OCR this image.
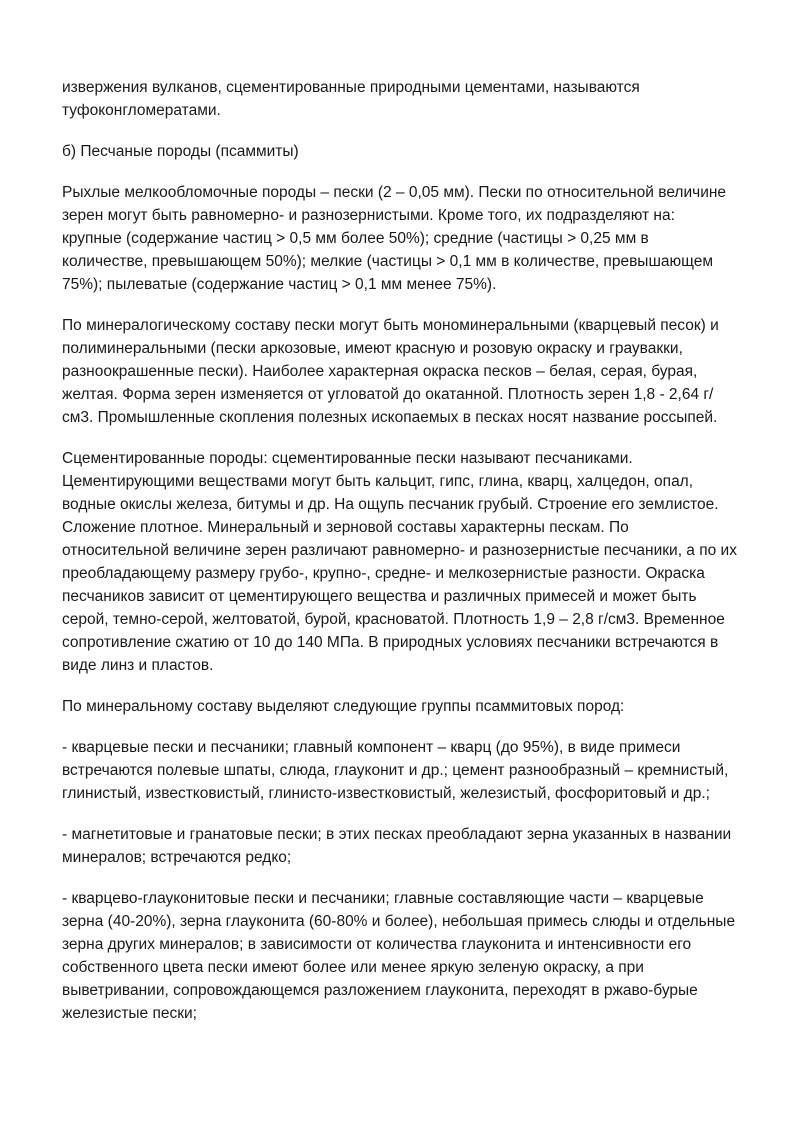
извержения вулканов, сцементированные природными цементами, называются туфоконгломератами.

б) Песчаные породы (псаммиты)

Рыхлые мелкообломочные породы – пески (2 – 0,05 мм). Пески по относительной величине зерен могут быть равномерно- и разнозернистыми. Кроме того, их подразделяют на: крупные (содержание частиц > 0,5 мм более 50%); средние (частицы > 0,25 мм в количестве, превышающем 50%); мелкие (частицы > 0,1 мм в количестве, превышающем 75%); пылеватые (содержание частиц > 0,1 мм менее 75%).

По минералогическому составу пески могут быть мономинеральными (кварцевый песок) и полиминеральными (пески аркозовые, имеют красную и розовую окраску и граувакки, разноокрашенные пески). Наиболее характерная окраска песков – белая, серая, бурая, желтая. Форма зерен изменяется от угловатой до окатанной. Плотность зерен 1,8 - 2,64 г/см3. Промышленные скопления полезных ископаемых в песках носят название россыпей.

Сцементированные породы: сцементированные пески называют песчаниками. Цементирующими веществами могут быть кальцит, гипс, глина, кварц, халцедон, опал, водные окислы железа, битумы и др. На ощупь песчаник грубый. Строение его землистое. Сложение плотное. Минеральный и зерновой составы характерны пескам. По относительной величине зерен различают равномерно- и разнозернистые песчаники, а по их преобладающему размеру грубо-, крупно-, средне- и мелкозернистые разности. Окраска песчаников зависит от цементирующего вещества и различных примесей и может быть серой, темно-серой, желтоватой, бурой, красноватой. Плотность 1,9 – 2,8 г/см3. Временное сопротивление сжатию от 10 до 140 МПа. В природных условиях песчаники встречаются в виде линз и пластов.

По минеральному составу выделяют следующие группы псаммитовых пород:

- кварцевые пески и песчаники; главный компонент – кварц (до 95%), в виде примеси встречаются полевые шпаты, слюда, глауконит и др.; цемент разнообразный – кремнистый, глинистый, известковистый, глинисто-известковистый, железистый, фосфоритовый и др.;

- магнетитовые и гранатовые пески; в этих песках преобладают зерна указанных в названии минералов; встречаются редко;

- кварцево-глауконитовые пески и песчаники; главные составляющие части – кварцевые зерна (40-20%), зерна глауконита (60-80% и более), небольшая примесь слюды и отдельные зерна других минералов; в зависимости от количества глауконита и интенсивности его собственного цвета пески имеют более или менее яркую зеленую окраску, а при выветривании, сопровождающемся разложением глауконита, переходят в ржаво-бурые железистые пески;
